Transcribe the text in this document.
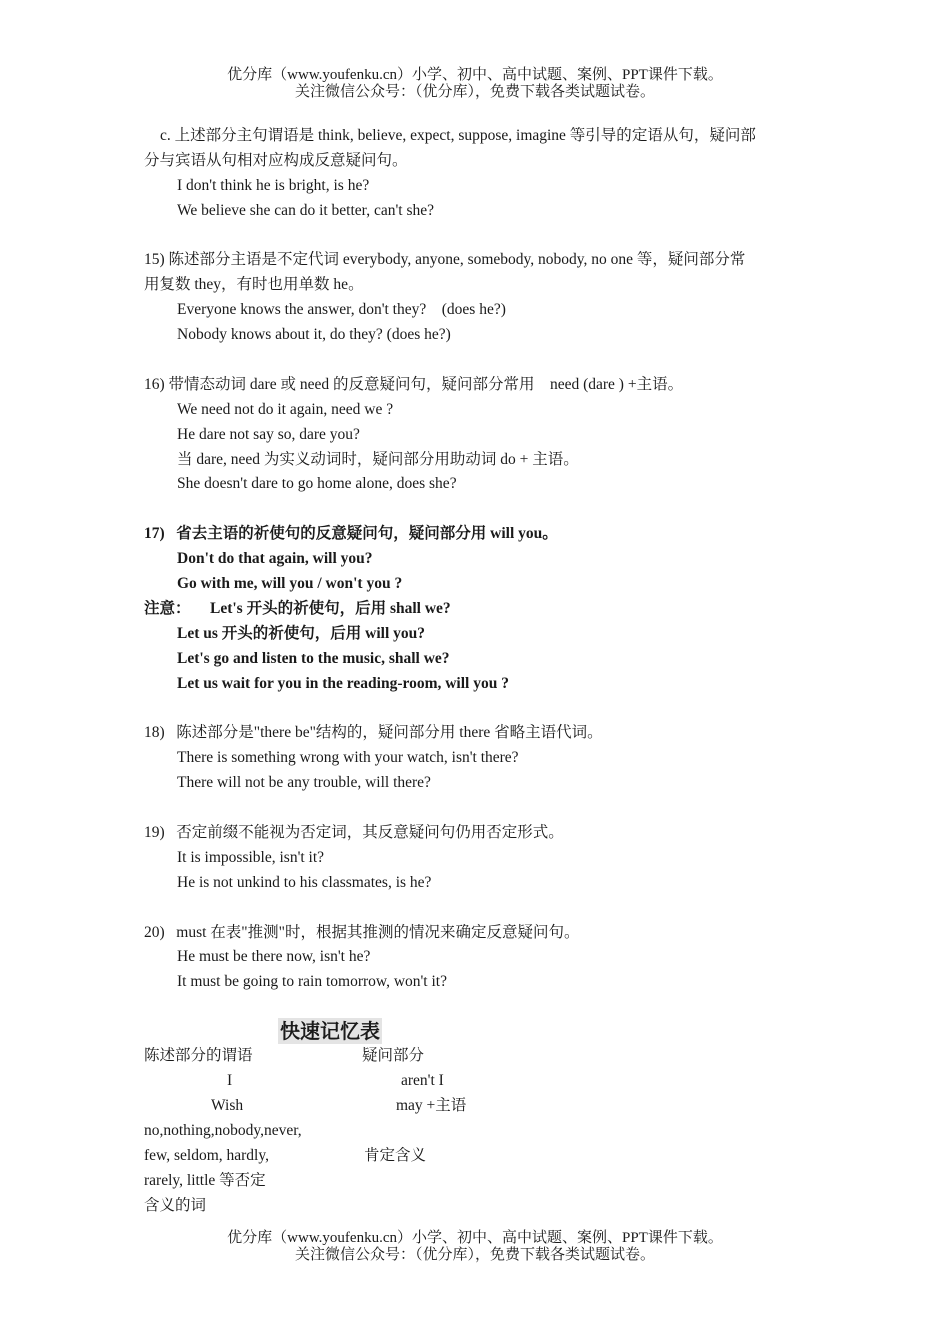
优分库（www.youfenku.cn）小学、初中、高中试题、案例、PPT课件下载。
关注微信公众号：（优分库），免费下载各类试题试卷。
c. 上述部分主句谓语是 think, believe, expect, suppose, imagine 等引导的定语从句，疑问部
分与宾语从句相对应构成反意疑问句。
I don't think he is bright, is he?
We believe she can do it better, can't she?
15) 陈述部分主语是不定代词 everybody, anyone, somebody, nobody, no one 等，疑问部分常
用复数 they，有时也用单数 he。
Everyone knows the answer, don't they?    (does he?)
Nobody knows about it, do they? (does he?)
16) 带情态动词 dare 或 need 的反意疑问句，疑问部分常用    need (dare ) +主语。
We need not do it again, need we ?
He dare not say so, dare you?
当 dare, need 为实义动词时，疑问部分用助动词 do + 主语。
She doesn't dare to go home alone, does she?
17)   省去主语的祈使句的反意疑问句，疑问部分用 will you。
Don't do that again, will you?
Go with me, will you / won't you ?
注意：	Let's 开头的祈使句，后用 shall we?
Let us 开头的祈使句，后用 will you?
Let's go and listen to the music, shall we?
Let us wait for you in the reading-room, will you ?
18)   陈述部分是"there be"结构的，疑问部分用 there 省略主语代词。
There is something wrong with your watch, isn't there?
There will not be any trouble, will there?
19)   否定前缀不能视为否定词，其反意疑问句仍用否定形式。
It is impossible, isn't it?
He is not unkind to his classmates, is he?
20)   must 在表"推测"时，根据其推测的情况来确定反意疑问句。
He must be there now, isn't he?
It must be going to rain tomorrow, won't it?
快速记忆表
陈述部分的谓语	疑问部分
I	aren't I
Wish	may +主语
no,nothing,nobody,never,
few, seldom, hardly,	肯定含义
rarely, little 等否定
含义的词
优分库（www.youfenku.cn）小学、初中、高中试题、案例、PPT课件下载。
关注微信公众号：（优分库），免费下载各类试题试卷。
